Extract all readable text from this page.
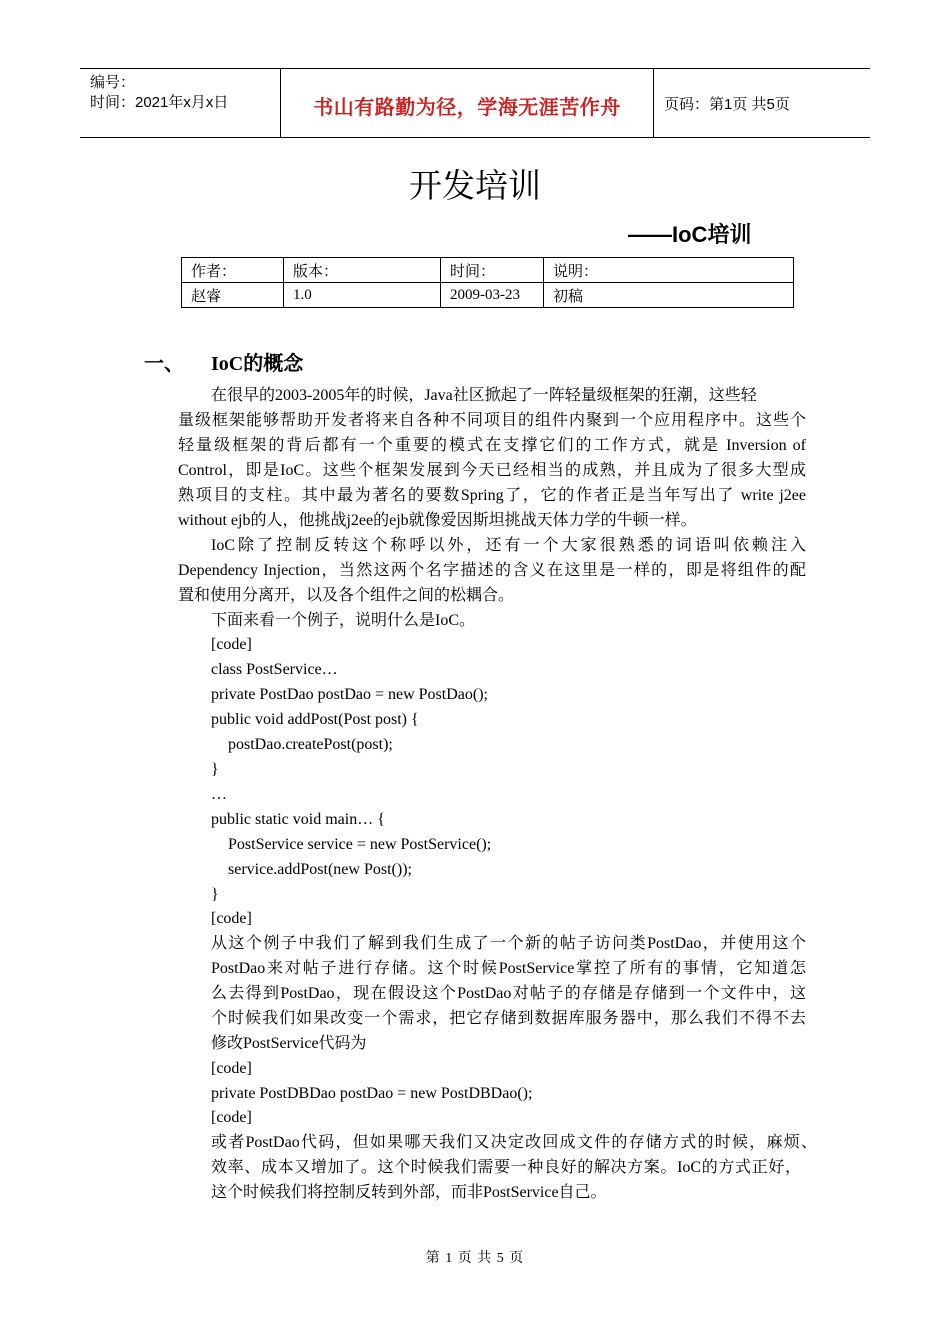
编号：
时间：2021年x月x日	书山有路勤为径，学海无涯苦作舟	页码：第1页 共5页
开发培训
——IoC培训
作者：	版本：	时间：	说明：
赵睿	1.0	2009-03-23	初稿
一、 IoC的概念
在很早的2003-2005年的时候，Java社区掀起了一阵轻量级框架的狂潮，这些轻
量级框架能够帮助开发者将来自各种不同项目的组件内聚到一个应用程序中。这些个
轻量级框架的背后都有一个重要的模式在支撑它们的工作方式，就是 Inversion of
Control，即是IoC。这些个框架发展到今天已经相当的成熟，并且成为了很多大型成
熟项目的支柱。其中最为著名的要数Spring了，它的作者正是当年写出了 write j2ee
without ejb的人，他挑战j2ee的ejb就像爱因斯坦挑战天体力学的牛顿一样。
IoC除了控制反转这个称呼以外，还有一个大家很熟悉的词语叫依赖注入
Dependency Injection，当然这两个名字描述的含义在这里是一样的，即是将组件的配
置和使用分离开，以及各个组件之间的松耦合。
下面来看一个例子，说明什么是IoC。
[code]
class PostService…
private PostDao postDao = new PostDao();
public void addPost(Post post) {
postDao.createPost(post);
}
…
public static void main… {
PostService service = new PostService();
service.addPost(new Post());
}
[code]
从这个例子中我们了解到我们生成了一个新的帖子访问类PostDao，并使用这个
PostDao来对帖子进行存储。这个时候PostService掌控了所有的事情，它知道怎
么去得到PostDao，现在假设这个PostDao对帖子的存储是存储到一个文件中，这
个时候我们如果改变一个需求，把它存储到数据库服务器中，那么我们不得不去
修改PostService代码为
[code]
private PostDBDao postDao = new PostDBDao();
[code]
或者PostDao代码，但如果哪天我们又决定改回成文件的存储方式的时候，麻烦、
效率、成本又增加了。这个时候我们需要一种良好的解决方案。IoC的方式正好，
这个时候我们将控制反转到外部，而非PostService自己。
第 1 页 共 5 页
